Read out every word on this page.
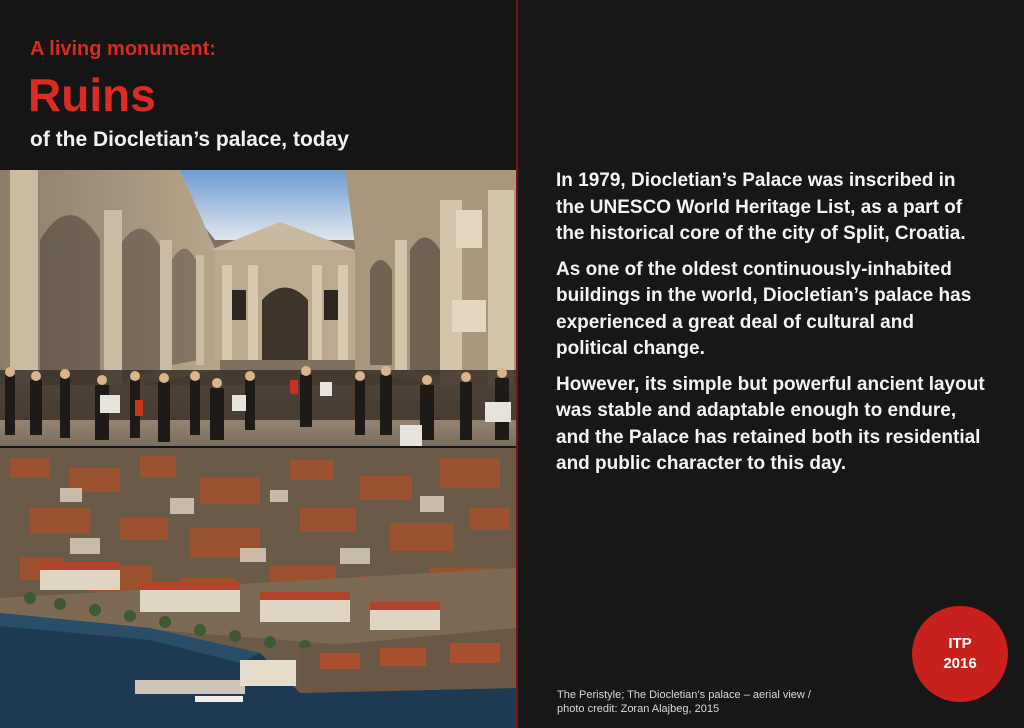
A living monument:

Ruins

of the Diocletian’s palace, today

In 1979, Diocletian’s Palace was inscribed in the UNESCO World Heritage List, as a part of the historical core of the city of Split, Croatia.

As one of the oldest continuously-inhabited buildings in the world, Diocletian’s palace has experienced a great deal of cultural and political change.

However, its simple but powerful ancient layout was stable and adaptable enough to endure, and the Palace has retained both its residential and public character to this day.

The Peristyle; The Diocletian’s palace – aerial view /
photo credit: Zoran Alajbeg, 2015
ITP
2016
